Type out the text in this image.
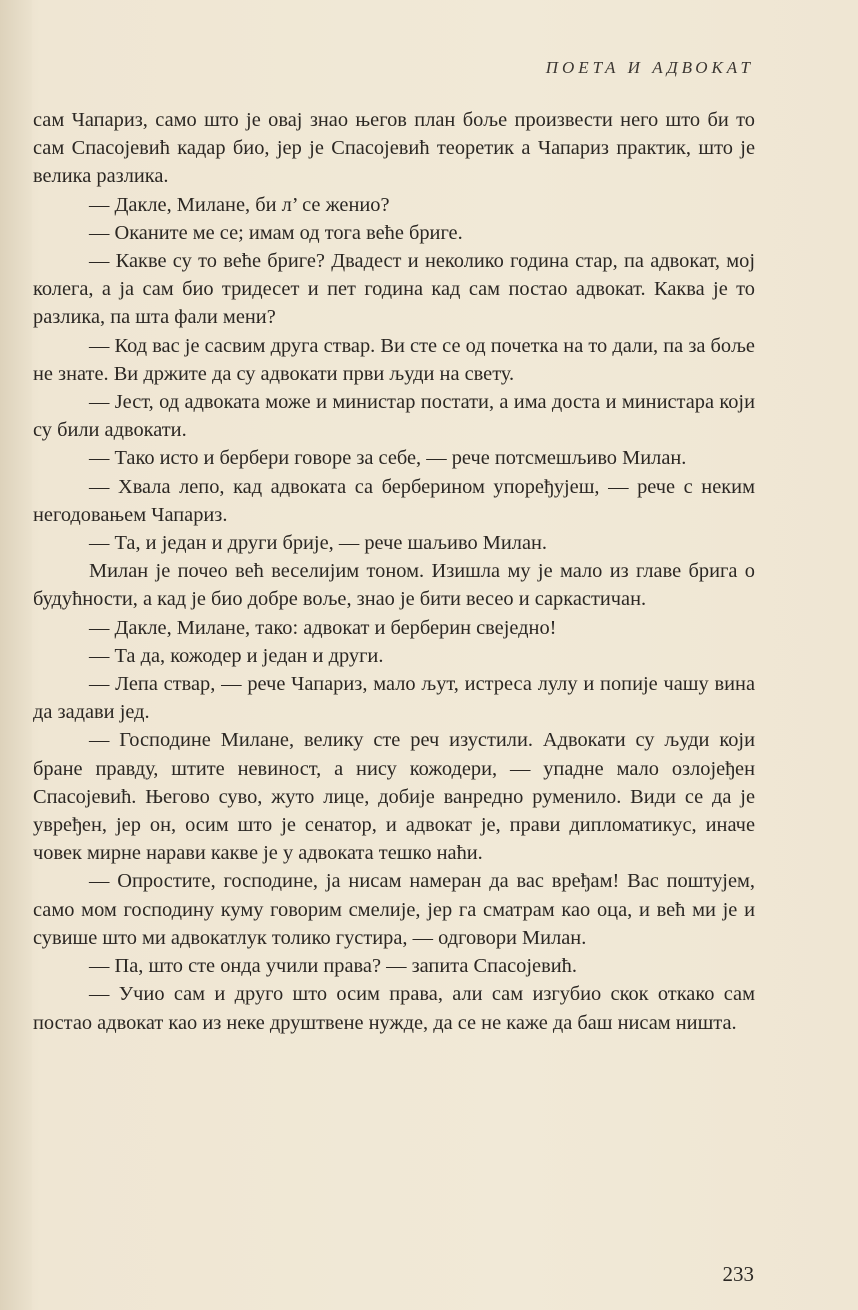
ПОЕТА И АДВОКАТ

сам Чапариз, само што је овај знао његов план боље произвести него што би то сам Спасојевић кадар био, јер је Спасојевић теоретик а Чапариз практик, што је велика разлика.

— Дакле, Милане, би л’ се женио?

— Оканите ме се; имам од тога веће бриге.

— Какве су то веће бриге? Двадест и неколико година стар, па адвокат, мој колега, а ја сам био тридесет и пет година кад сам постао адвокат. Каква је то разлика, па шта фали мени?

— Код вас је сасвим друга ствар. Ви сте се од почетка на то дали, па за боље не знате. Ви држите да су адвокати први људи на свету.

— Јест, од адвоката може и министар постати, а има доста и министара који су били адвокати.

— Тако исто и бербери говоре за себе, — рече потсмешљиво Милан.

— Хвала лепо, кад адвоката са берберином упоређујеш, — рече с неким негодовањем Чапариз.

— Та, и један и други брије, — рече шаљиво Милан.

Милан је почео већ веселијим тоном. Изишла му је мало из главе брига о будућности, а кад је био добре воље, знао је бити весео и саркастичан.

— Дакле, Милане, тако: адвокат и берберин свеједно!

— Та да, кожодер и један и други.

— Лепа ствар, — рече Чапариз, мало љут, истреса лулу и попије чашу вина да задави јед.

— Господине Милане, велику сте реч изустили. Адвокати су људи који бране правду, штите невиност, а нису кожодери, — упадне мало озлојеђен Спасојевић. Његово суво, жуто лице, добије ванредно руменило. Види се да је увређен, јер он, осим што је сенатор, и адвокат је, прави дипломатикус, иначе човек мирне нарави какве је у адвоката тешко наћи.

— Опростите, господине, ја нисам намеран да вас вређам! Вас поштујем, само мом господину куму говорим смелије, јер га сматрам као оца, и већ ми је и сувише што ми адвокатлук толико густира, — одговори Милан.

— Па, што сте онда учили права? — запита Спасојевић.

— Учио сам и друго што осим права, али сам изгубио скок откако сам постао адвокат као из неке друштвене нужде, да се не каже да баш нисам ништа.

233
